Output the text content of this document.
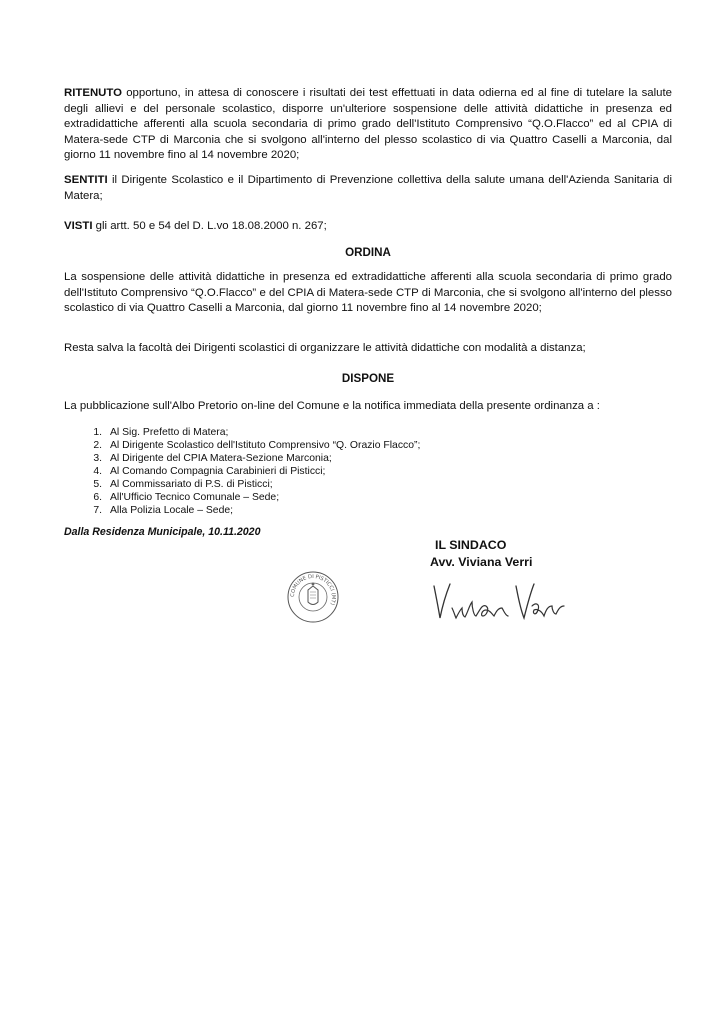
RITENUTO opportuno, in attesa di conoscere i risultati dei test effettuati in data odierna ed al fine di tutelare la salute degli allievi e del personale scolastico, disporre un'ulteriore sospensione delle attività didattiche in presenza ed extradidattiche afferenti alla scuola secondaria di primo grado dell'Istituto Comprensivo “Q.O.Flacco” ed al CPIA di Matera-sede CTP di Marconia che si svolgono all'interno del plesso scolastico di via Quattro Caselli a Marconia, dal giorno 11 novembre fino al 14 novembre 2020;

SENTITI il Dirigente Scolastico e il Dipartimento di Prevenzione collettiva della salute umana dell'Azienda Sanitaria di Matera;

VISTI gli artt. 50 e 54 del D. L.vo 18.08.2000 n. 267;

ORDINA

La sospensione delle attività didattiche in presenza ed extradidattiche afferenti alla scuola secondaria di primo grado dell'Istituto Comprensivo “Q.O.Flacco” e del CPIA di Matera-sede CTP di Marconia, che si svolgono all'interno del plesso scolastico di via Quattro Caselli a Marconia, dal giorno 11 novembre fino al 14 novembre 2020;

Resta salva la facoltà dei Dirigenti scolastici di organizzare le attività didattiche con modalità a distanza;

DISPONE

La pubblicazione sull'Albo Pretorio on-line del Comune e la notifica immediata della presente ordinanza a :

1. Al Sig. Prefetto di Matera;
2. Al Dirigente Scolastico dell'Istituto Comprensivo “Q. Orazio Flacco”;
3. Al Dirigente del CPIA Matera-Sezione Marconia;
4. Al Comando Compagnia Carabinieri di Pisticci;
5. Al Commissariato di P.S. di Pisticci;
6. All'Ufficio Tecnico Comunale – Sede;
7. Alla Polizia Locale – Sede;
Dalla Residenza Municipale, 10.11.2020
IL SINDACO
Avv. Viviana Verri
COMUNE DI PISTICCI (MT)
